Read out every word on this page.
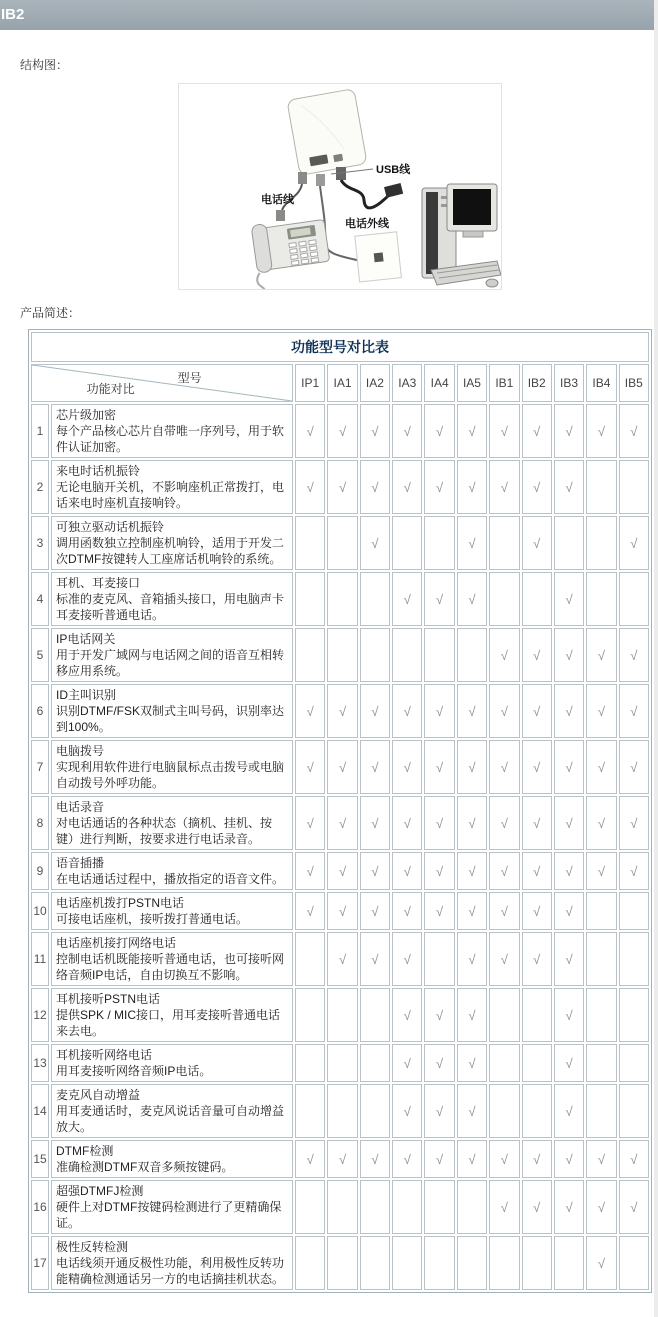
IB2
结构图：
USB线
电话线
电话外线
产品简述：
功能型号对比表												

型号
功能对比		IP1	IA1	IA2	IA3	IA4	IA5	IB1	IB2	IB3	IB4	IB5
1	芯片级加密
每个产品核心芯片自带唯一序列号，用于软件认证加密。	√	√	√	√	√	√	√	√	√	√	√
2	来电时话机振铃
无论电脑开关机，不影响座机正常拨打，电话来电时座机直接响铃。	√	√	√	√	√	√	√	√	√		
3	可独立驱动话机振铃
调用函数独立控制座机响铃，适用于开发二次DTMF按键转人工座席话机响铃的系统。			√			√		√			√
4	耳机、耳麦接口
标准的麦克风、音箱插头接口，用电脑声卡耳麦接听普通电话。				√	√	√			√		
5	IP电话网关
用于开发广域网与电话网之间的语音互相转移应用系统。							√	√	√	√	√
6	ID主叫识别
识别DTMF/FSK双制式主叫号码，识别率达到100%。	√	√	√	√	√	√	√	√	√	√	√
7	电脑拨号
实现利用软件进行电脑鼠标点击拨号或电脑自动拨号外呼功能。	√	√	√	√	√	√	√	√	√	√	√
8	电话录音
对电话通话的各种状态（摘机、挂机、按键）进行判断，按要求进行电话录音。	√	√	√	√	√	√	√	√	√	√	√
9	语音插播
在电话通话过程中，播放指定的语音文件。	√	√	√	√	√	√	√	√	√	√	√
10	电话座机拨打PSTN电话
可接电话座机，接听拨打普通电话。	√	√	√	√	√	√	√	√	√		
11	电话座机接打网络电话
控制电话机既能接听普通电话，也可接听网络音频IP电话，自由切换互不影响。		√	√	√		√	√	√	√		
12	耳机接听PSTN电话
提供SPK / MIC接口，用耳麦接听普通电话来去电。				√	√	√			√		
13	耳机接听网络电话
用耳麦接听网络音频IP电话。				√	√	√			√		
14	麦克风自动增益
用耳麦通话时，麦克风说话音量可自动增益放大。				√	√	√			√		
15	DTMF检测
准确检测DTMF双音多频按键码。	√	√	√	√	√	√	√	√	√	√	√
16	超强DTMFJ检测
硬件上对DTMF按键码检测进行了更精确保证。							√	√	√	√	√
17	极性反转检测
电话线须开通反极性功能，利用极性反转功能精确检测通话另一方的电话摘挂机状态。										√	
